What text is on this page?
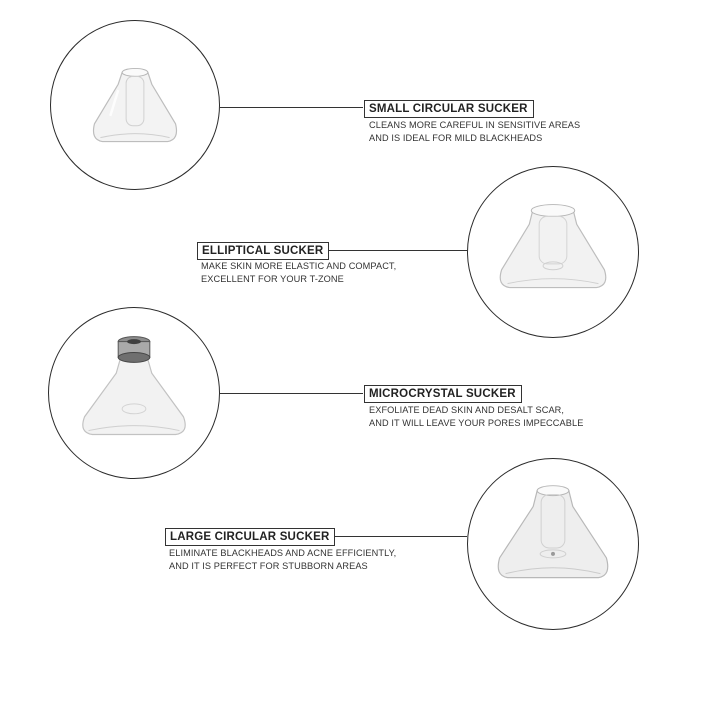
SMALL CIRCULAR SUCKER
CLEANS MORE CAREFUL IN SENSITIVE AREAS
AND IS IDEAL FOR MILD BLACKHEADS
ELLIPTICAL SUCKER
MAKE SKIN MORE ELASTIC AND COMPACT,
EXCELLENT FOR YOUR T-ZONE
MICROCRYSTAL SUCKER
EXFOLIATE DEAD SKIN AND DESALT SCAR,
AND IT WILL LEAVE YOUR PORES IMPECCABLE
LARGE CIRCULAR SUCKER
ELIMINATE BLACKHEADS AND ACNE EFFICIENTLY,
AND IT IS PERFECT FOR STUBBORN AREAS
